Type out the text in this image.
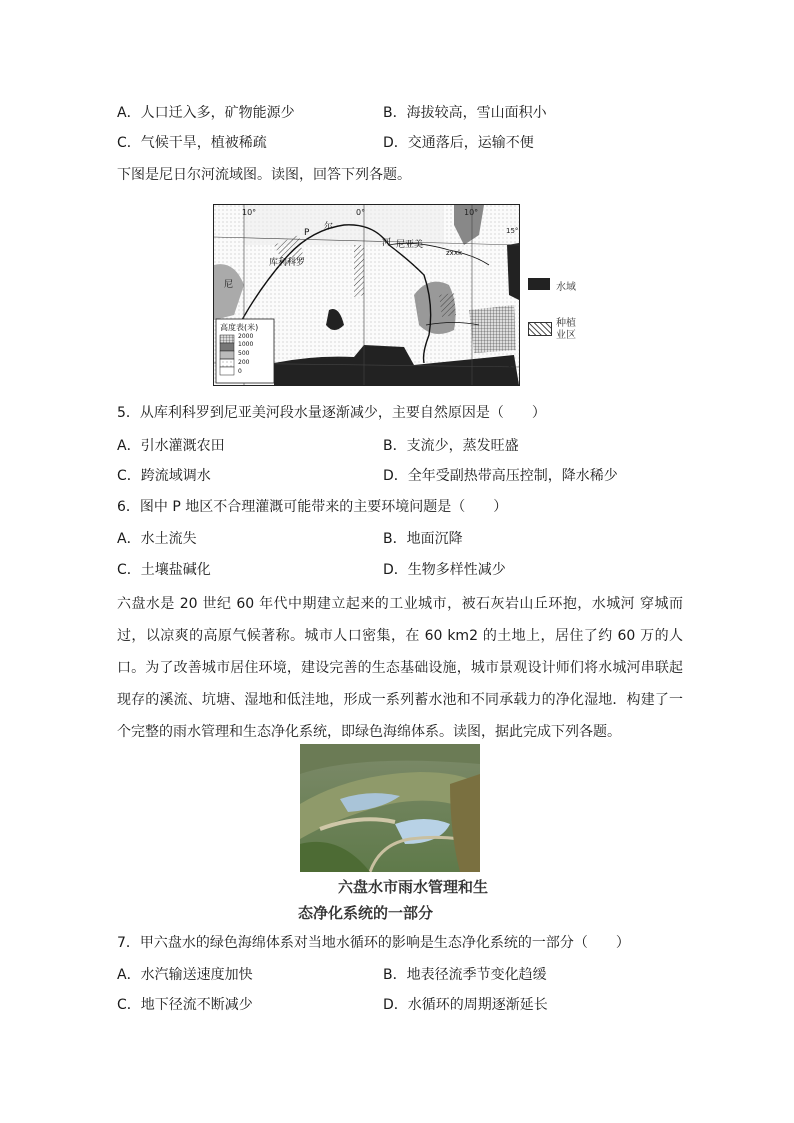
A．人口迁入多，矿物能源少	B．海拔较高，雪山面积小
C．气候干旱，植被稀疏	D．交通落后，运输不便
下图是尼日尔河流域图。读图，回答下列各题。
10°	0°	10°
P
尔
库利科罗
尼
尼亚美
河
zxxk
15°
5°
高度表(米)
2000
1000
500
200
0
水域
种植业区
5．从库利科罗到尼亚美河段水量逐渐减少，主要自然原因是（　　）
A．引水灌溉农田	B．支流少，蒸发旺盛
C．跨流域调水	D．全年受副热带高压控制，降水稀少
6．图中 P 地区不合理灌溉可能带来的主要环境问题是（　　）
A．水土流失	B．地面沉降
C．土壤盐碱化	D．生物多样性减少
六盘水是 20 世纪 60 年代中期建立起来的工业城市，被石灰岩山丘环抱，水城河 穿城而过，以凉爽的高原气候著称。城市人口密集，在 60 km2 的土地上，居住了约 60 万的人口。为了改善城市居住环境，建设完善的生态基础设施，城市景观设计师们将水城河串联起现存的溪流、坑塘、湿地和低洼地，形成一系列蓄水池和不同承载力的净化湿地．构建了一个完整的雨水管理和生态净化系统，即绿色海绵体系。读图，据此完成下列各题。
六盘水市雨水管理和生
态净化系统的一部分
7．甲六盘水的绿色海绵体系对当地水循环的影响是生态净化系统的一部分（　　）
A．水汽输送速度加快	B．地表径流季节变化趋缓
C．地下径流不断减少	D．水循环的周期逐渐延长
